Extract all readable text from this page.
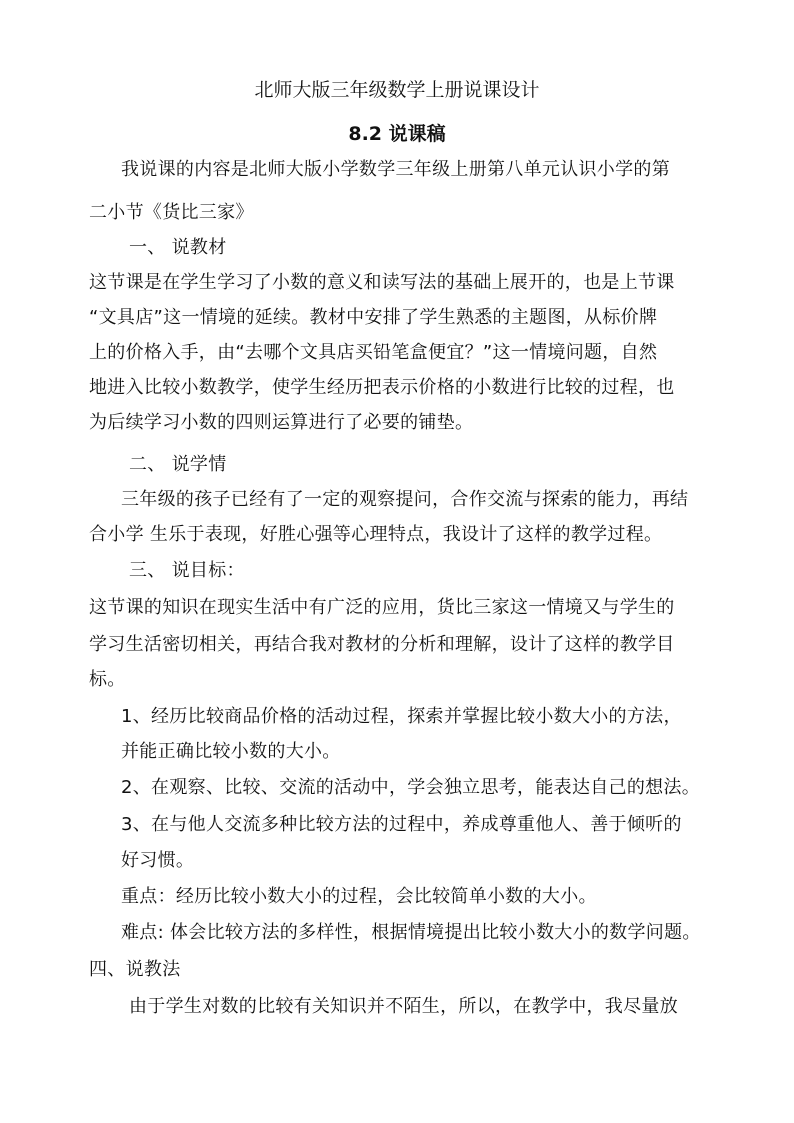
北师大版三年级数学上册说课设计
8.2 说课稿
我说课的内容是北师大版小学数学三年级上册第八单元认识小学的第
二小节《货比三家》
一、 说教材
这节课是在学生学习了小数的意义和读写法的基础上展开的，也是上节课
“文具店”这一情境的延续。教材中安排了学生熟悉的主题图，从标价牌
上的价格入手，由“去哪个文具店买铅笔盒便宜？”这一情境问题，自然
地进入比较小数教学，使学生经历把表示价格的小数进行比较的过程，也
为后续学习小数的四则运算进行了必要的铺垫。
二、 说学情
三年级的孩子已经有了一定的观察提问，合作交流与探索的能力，再结
合小学 生乐于表现，好胜心强等心理特点，我设计了这样的教学过程。
三、 说目标：
这节课的知识在现实生活中有广泛的应用，货比三家这一情境又与学生的
学习生活密切相关，再结合我对教材的分析和理解，设计了这样的教学目
标。
1、经历比较商品价格的活动过程，探索并掌握比较小数大小的方法，
并能正确比较小数的大小。
2、在观察、比较、交流的活动中，学会独立思考，能表达自己的想法。
3、在与他人交流多种比较方法的过程中，养成尊重他人、善于倾听的
好习惯。
重点：经历比较小数大小的过程，会比较简单小数的大小。
难点: 体会比较方法的多样性，根据情境提出比较小数大小的数学问题。
四、说教法
由于学生对数的比较有关知识并不陌生，所以，在教学中，我尽量放
